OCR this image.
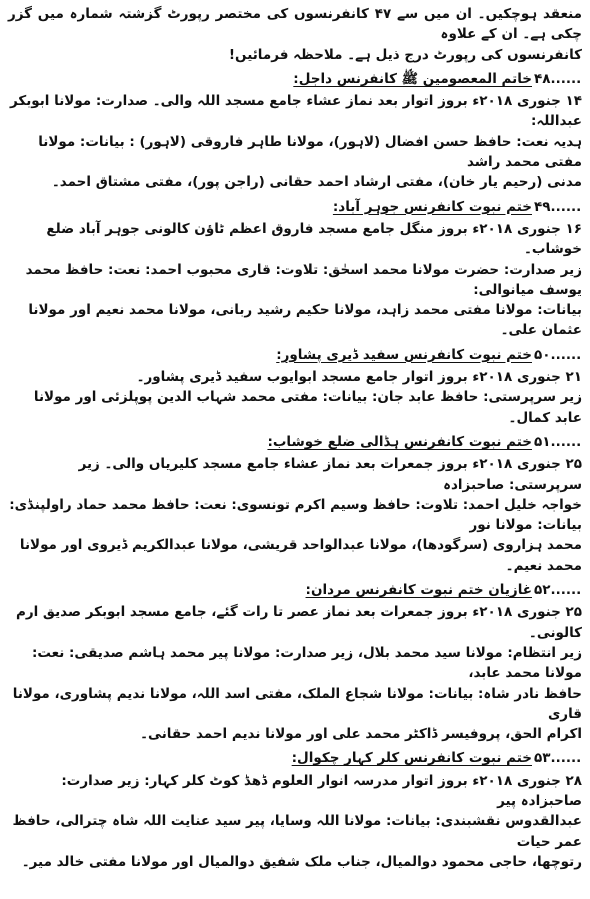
منعقد ہوچکیں۔ ان میں سے ۴۷ کانفرنسوں کی مختصر رپورٹ گزشتہ شمارہ میں گزر چکی ہے۔ ان کے علاوہ
کانفرنسوں کی رپورٹ درج ذیل ہے۔ ملاحظہ فرمائیں!

۴۸......
خاتم المعصومین ﷺ کانفرنس داجل:
۱۴ جنوری ۲۰۱۸ء بروز اتوار بعد نماز عشاء جامع مسجد اللہ والی۔ صدارت: مولانا ابوبکر عبداللہ:
ہدیہ نعت: حافظ حسن افضال (لاہور)، مولانا طاہر فاروقی (لاہور) : بیانات: مولانا مفتی محمد راشد
مدنی (رحیم یار خان)، مفتی ارشاد احمد حقانی (راجن پور)، مفتی مشتاق احمد۔
۴۹......
ختم نبوت کانفرنس جوہر آباد:
۱۶ جنوری ۲۰۱۸ء بروز منگل جامع مسجد فاروق اعظم ٹاؤن کالونی جوہر آباد ضلع خوشاب۔
زیر صدارت: حضرت مولانا محمد اسحٰق: تلاوت: قاری محبوب احمد: نعت: حافظ محمد یوسف میانوالی:
بیانات: مولانا مفتی محمد زاہد، مولانا حکیم رشید ربانی، مولانا محمد نعیم اور مولانا عثمان علی۔
۵۰......
ختم نبوت کانفرنس سفید ڈیری پشاور:
۲۱ جنوری ۲۰۱۸ء بروز اتوار جامع مسجد ابوایوب سفید ڈیری پشاور۔
زیر سرپرستی: حافظ عابد جان: بیانات: مفتی محمد شہاب الدین پوپلزئی اور مولانا عابد کمال۔
۵۱......
ختم نبوت کانفرنس ہڈالی ضلع خوشاب:
۲۵ جنوری ۲۰۱۸ء بروز جمعرات بعد نماز عشاء جامع مسجد کلیریاں والی۔ زیر سرپرستی: صاحبزادہ
خواجہ خلیل احمد: تلاوت: حافظ وسیم اکرم تونسوی: نعت: حافظ محمد حماد راولپنڈی: بیانات: مولانا نور
محمد ہزاروی (سرگودھا)، مولانا عبدالواحد قریشی، مولانا عبدالکریم ڈیروی اور مولانا محمد نعیم۔
۵۲......
غازیان ختم نبوت کانفرنس مردان:
۲۵ جنوری ۲۰۱۸ء بروز جمعرات بعد نماز عصر تا رات گئے، جامع مسجد ابوبکر صدیق ارم کالونی۔
زیر انتظام: مولانا سید محمد بلال، زیر صدارت: مولانا پیر محمد ہاشم صدیقی: نعت: مولانا محمد عابد،
حافظ نادر شاہ: بیانات: مولانا شجاع الملک، مفتی اسد اللہ، مولانا ندیم پشاوری، مولانا قاری
اکرام الحق، پروفیسر ڈاکٹر محمد علی اور مولانا ندیم احمد حقانی۔
۵۳......
ختم نبوت کانفرنس کلر کہار چکوال:
۲۸ جنوری ۲۰۱۸ء بروز اتوار مدرسہ انوار العلوم ڈھڈ کوٹ کلر کہار: زیر صدارت: صاحبزادہ پیر
عبدالقدوس نقشبندی: بیانات: مولانا اللہ وسایا، پیر سید عنایت اللہ شاہ چترالی، حافظ عمر حیات
رتوچھا، حاجی محمود دوالمیال، جناب ملک شفیق دوالمیال اور مولانا مفتی خالد میر۔
